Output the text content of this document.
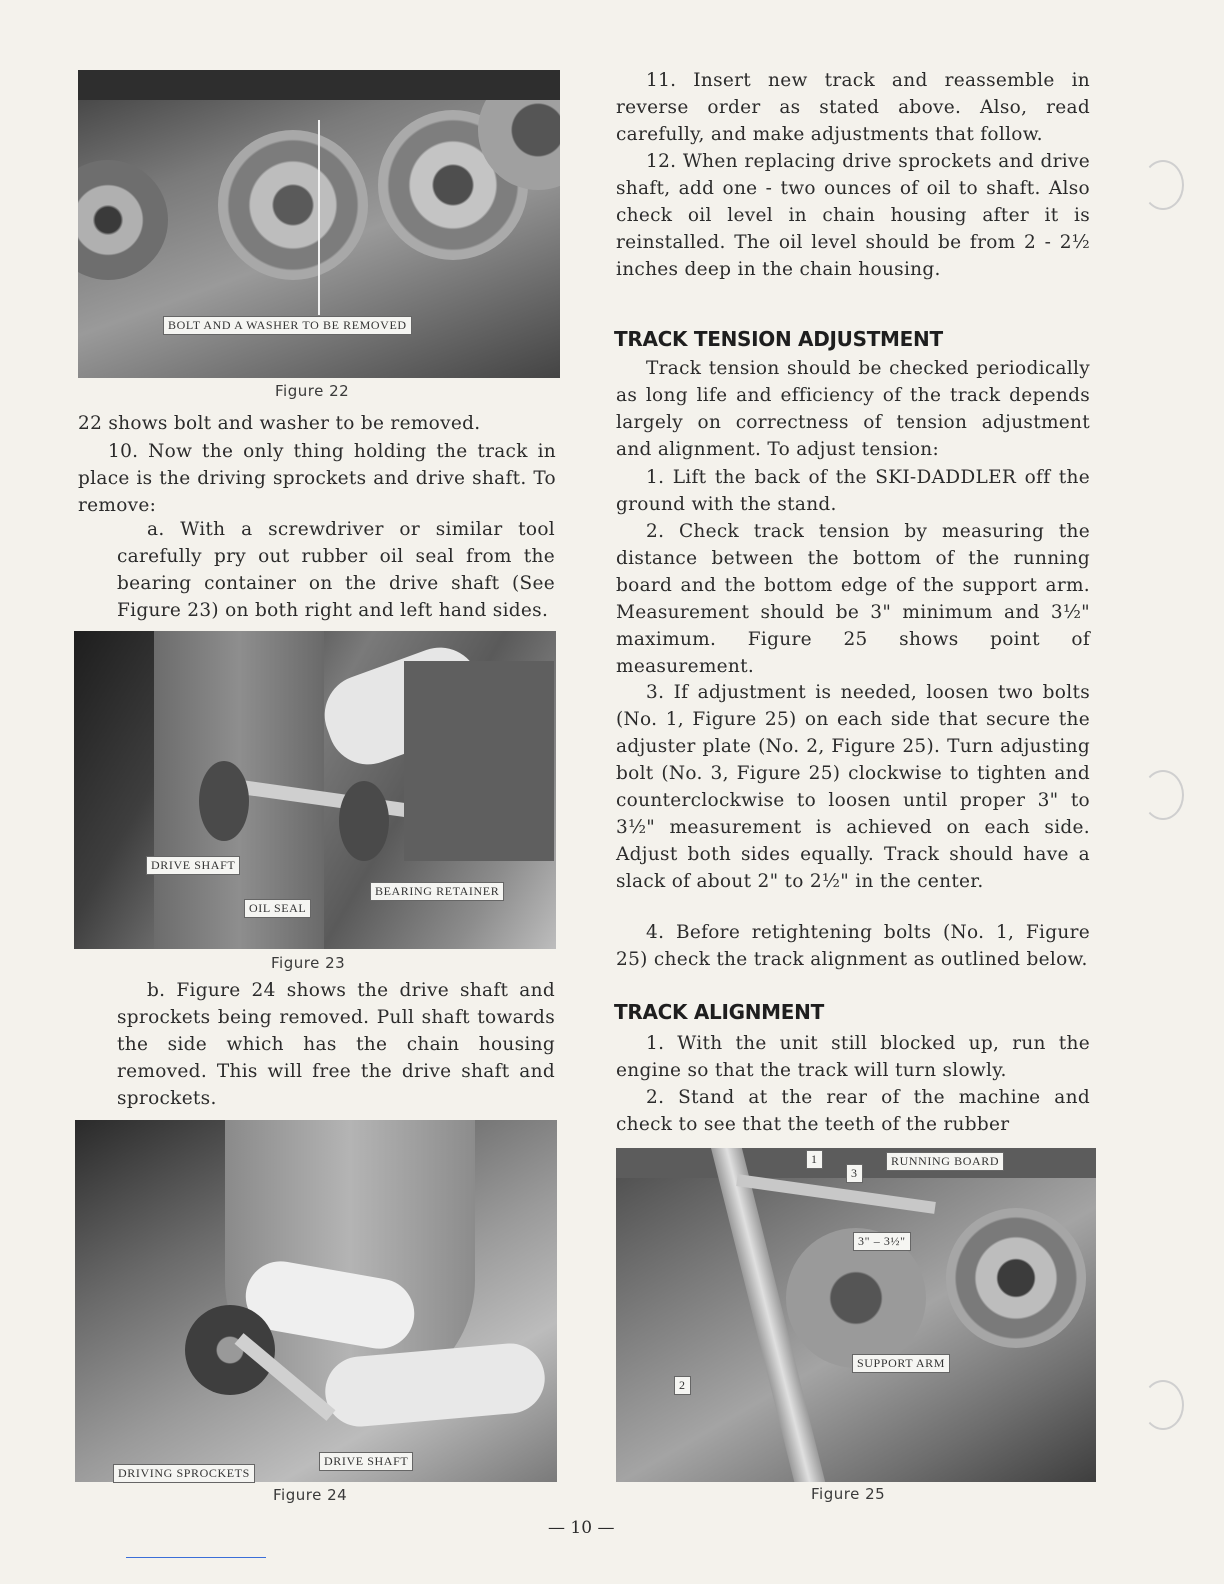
BOLT AND A WASHER TO BE REMOVED
Figure 22

22 shows bolt and washer to be removed.

10. Now the only thing holding the track in place is the driving sprockets and drive shaft. To remove:

a. With a screwdriver or similar tool carefully pry out rubber oil seal from the bearing container on the drive shaft (See Figure 23) on both right and left hand sides.

DRIVE SHAFT
OIL SEAL
BEARING RETAINER
Figure 23

b. Figure 24 shows the drive shaft and sprockets being removed. Pull shaft towards the side which has the chain housing removed. This will free the drive shaft and sprockets.

DRIVING SPROCKETS
DRIVE SHAFT
Figure 24

11. Insert new track and reassemble in reverse order as stated above. Also, read carefully, and make adjustments that follow.

12. When replacing drive sprockets and drive shaft, add one - two ounces of oil to shaft. Also check oil level in chain housing after it is reinstalled. The oil level should be from 2 - 2½ inches deep in the chain housing.

TRACK TENSION ADJUSTMENT

Track tension should be checked periodically as long life and efficiency of the track depends largely on correctness of tension adjustment and alignment. To adjust tension:

1. Lift the back of the SKI-DADDLER off the ground with the stand.

2. Check track tension by measuring the distance between the bottom of the running board and the bottom edge of the support arm. Measurement should be 3" minimum and 3½" maximum. Figure 25 shows point of measurement.

3. If adjustment is needed, loosen two bolts (No. 1, Figure 25) on each side that secure the adjuster plate (No. 2, Figure 25). Turn adjusting bolt (No. 3, Figure 25) clockwise to tighten and counterclockwise to loosen until proper 3" to 3½" measurement is achieved on each side. Adjust both sides equally. Track should have a slack of about 2" to 2½" in the center.

4. Before retightening bolts (No. 1, Figure 25) check the track alignment as outlined below.

TRACK ALIGNMENT

1. With the unit still blocked up, run the engine so that the track will turn slowly.

2. Stand at the rear of the machine and check to see that the teeth of the rubber

1
3
RUNNING BOARD
3" – 3½"
SUPPORT ARM
2
Figure 25
— 10 —
